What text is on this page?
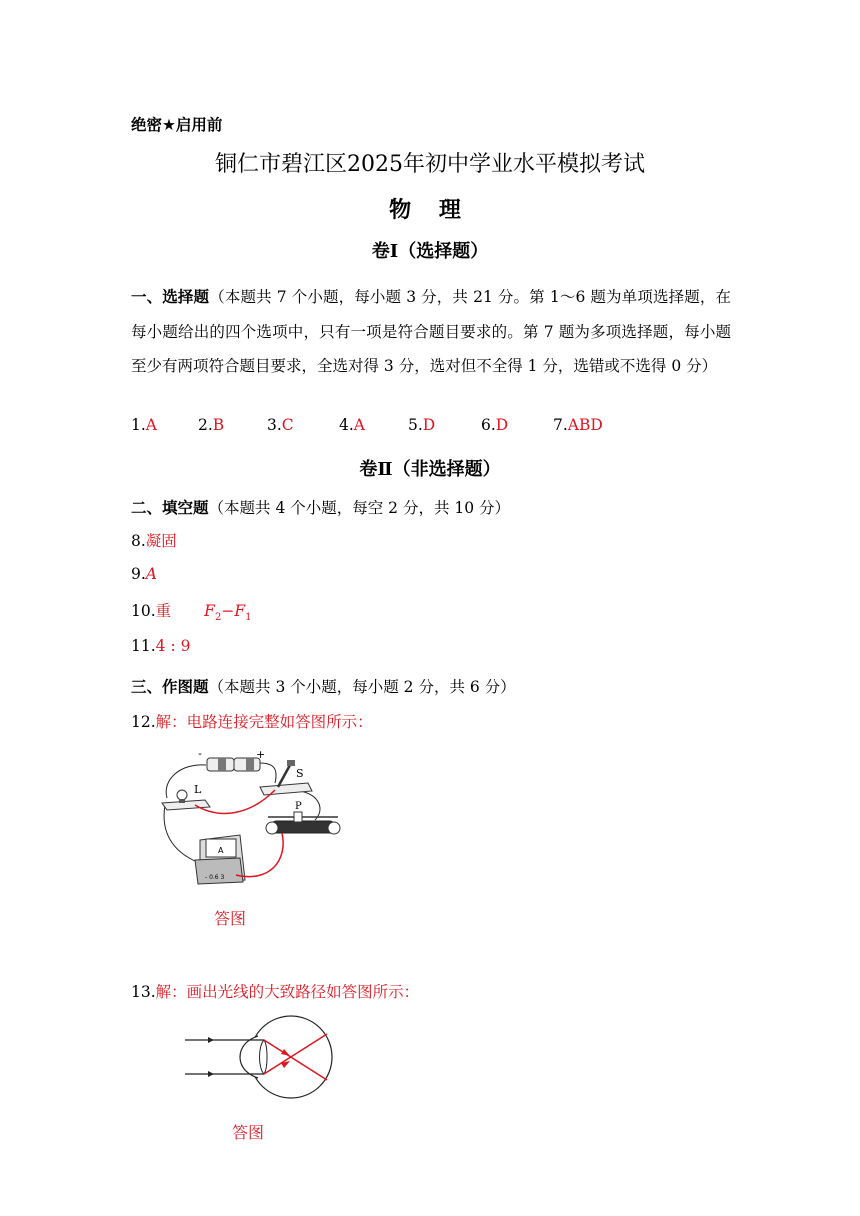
绝密★启用前
铜仁市碧江区2025年初中学业水平模拟考试
物 理
卷Ⅰ（选择题）
一、选择题（本题共 7 个小题，每小题 3 分，共 21 分。第 1～6 题为单项选择题，在每小题给出的四个选项中，只有一项是符合题目要求的。第 7 题为多项选择题，每小题至少有两项符合题目要求，全选对得 3 分，选对但不全得 1 分，选错或不选得 0 分）
1.A	2.B	3.C	4.A	5.D	6.D	7.ABD
卷Ⅱ（非选择题）
二、填空题（本题共 4 个小题，每空 2 分，共 10 分）
8.凝固
9.A
10.重 $F_2-F_1$
11.4 : 9
三、作图题（本题共 3 个小题，每小题 2 分，共 6 分）
12.解：电路连接完整如答图所示：
-	+
L
S
P
A
- 0.6 3
答图
13.解：画出光线的大致路径如答图所示：
答图
